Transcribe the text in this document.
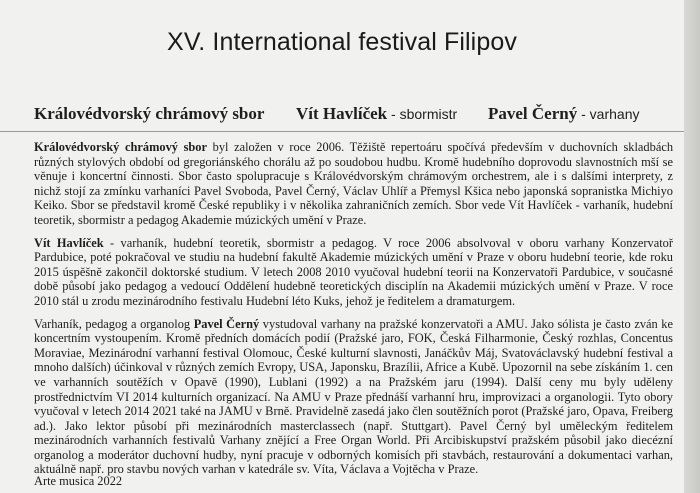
XV. International festival Filipov
Královédvorský chrámový sbor Vít Havlíček - sbormistr Pavel Černý - varhany

Královédvorský chrámový sbor byl založen v roce 2006. Těžiště repertoáru spočívá především v duchovních skladbách různých stylových období od gregoriánského chorálu až po soudobou hudbu. Kromě hudebního doprovodu slavnostních mší se věnuje i koncertní činnosti. Sbor často spolupracuje s Královédvorským chrámovým orchestrem, ale i s dalšími interprety, z nichž stojí za zmínku varhaníci Pavel Svoboda, Pavel Černý, Václav Uhlíř a Přemysl Kšica nebo japonská sopranistka Michiyo Keiko. Sbor se představil kromě České republiky i v několika zahraničních zemích. Sbor vede Vít Havlíček - varhaník, hudební teoretik, sbormistr a pedagog Akademie múzických umění v Praze.

Vít Havlíček - varhaník, hudební teoretik, sbormistr a pedagog. V roce 2006 absolvoval v oboru varhany Konzervatoř Pardubice, poté pokračoval ve studiu na hudební fakultě Akademie múzických umění v Praze v oboru hudební teorie, kde roku 2015 úspěšně zakončil doktorské studium. V letech 2008 2010 vyučoval hudební teorii na Konzervatoři Pardubice, v současné době působí jako pedagog a vedoucí Oddělení hudebně teoretických disciplín na Akademii múzických umění v Praze. V roce 2010 stál u zrodu mezinárodního festivalu Hudební léto Kuks, jehož je ředitelem a dramaturgem.

Varhaník, pedagog a organolog Pavel Černý vystudoval varhany na pražské konzervatoři a AMU. Jako sólista je často zván ke koncertním vystoupením. Kromě předních domácích podií (Pražské jaro, FOK, Česká Filharmonie, Český rozhlas, Concentus Moraviae, Mezinárodní varhanní festival Olomouc, České kulturní slavnosti, Janáčkův Máj, Svatováclavský hudební festival a mnoho dalších) účinkoval v různých zemích Evropy, USA, Japonsku, Brazílii, Africe a Kubě. Upozornil na sebe získáním 1. cen ve varhanních soutěžích v Opavě (1990), Lublani (1992) a na Pražském jaru (1994). Další ceny mu byly uděleny prostřednictvím VI 2014 kulturních organizací. Na AMU v Praze přednáší varhanní hru, improvizaci a organologii. Tyto obory vyučoval v letech 2014 2021 také na JAMU v Brně. Pravidelně zasedá jako člen soutěžních porot (Pražské jaro, Opava, Freiberg ad.). Jako lektor působí při mezinárodních masterclassech (např. Stuttgart). Pavel Černý byl uměleckým ředitelem mezinárodních varhanních festivalů Varhany znějící a Free Organ World. Při Arcibiskupství pražském působil jako diecézní organolog a moderátor duchovní hudby, nyní pracuje v odborných komisích při stavbách, restaurování a dokumentaci varhan, aktuálně např. pro stavbu nových varhan v katedrále sv. Víta, Václava a Vojtěcha v Praze.

Arte musica 2022
